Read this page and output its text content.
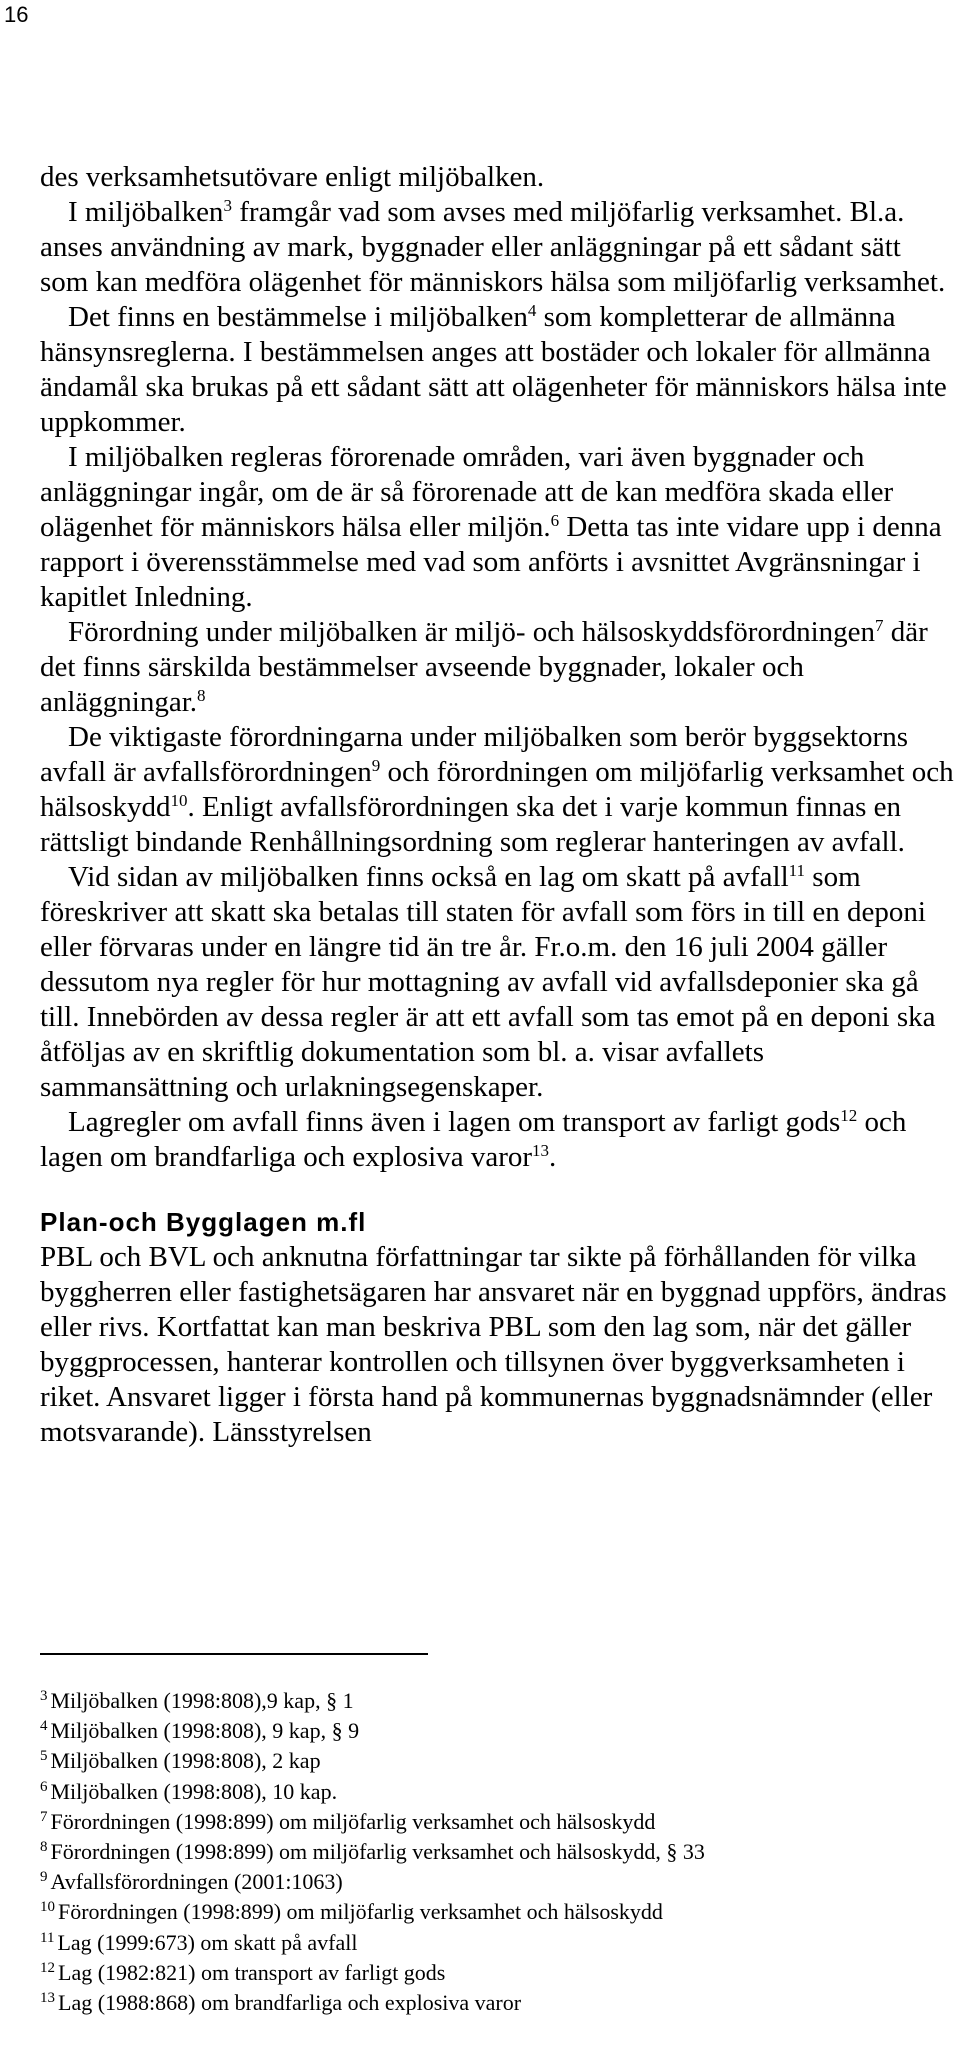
16

des verksamhetsutövare enligt miljöbalken.

I miljöbalken$^3$ framgår vad som avses med miljöfarlig verksamhet. Bl.a. anses användning av mark, byggnader eller anläggningar på ett sådant sätt som kan medföra olägenhet för människors hälsa som miljöfarlig verksamhet.

Det finns en bestämmelse i miljöbalken$^4$ som kompletterar de allmänna hänsynsreglerna. I bestämmelsen anges att bostäder och lokaler för allmänna ändamål ska brukas på ett sådant sätt att olägenheter för människors hälsa inte uppkommer.

I miljöbalken regleras förorenade områden, vari även byggnader och anläggningar ingår, om de är så förorenade att de kan medföra skada eller olägenhet för människors hälsa eller miljön.$^6$ Detta tas inte vidare upp i denna rapport i överensstämmelse med vad som anförts i avsnittet Avgränsningar i kapitlet Inledning.

Förordning under miljöbalken är miljö- och hälsoskyddsförordningen$^7$ där det finns särskilda bestämmelser avseende byggnader, lokaler och anläggningar.$^8$

De viktigaste förordningarna under miljöbalken som berör byggsektorns avfall är avfallsförordningen$^9$ och förordningen om miljöfarlig verksamhet och hälsoskydd$^{10}$. Enligt avfallsförordningen ska det i varje kommun finnas en rättsligt bindande Renhållningsordning som reglerar hanteringen av avfall.

Vid sidan av miljöbalken finns också en lag om skatt på avfall$^{11}$ som föreskriver att skatt ska betalas till staten för avfall som förs in till en deponi eller förvaras under en längre tid än tre år. Fr.o.m. den 16 juli 2004 gäller dessutom nya regler för hur mottagning av avfall vid avfallsdeponier ska gå till. Innebörden av dessa regler är att ett avfall som tas emot på en deponi ska åtföljas av en skriftlig dokumentation som bl. a. visar avfallets sammansättning och urlakningsegenskaper.

Lagregler om avfall finns även i lagen om transport av farligt gods$^{12}$ och lagen om brandfarliga och explosiva varor$^{13}$.

Plan-och Bygglagen m.fl

PBL och BVL och anknutna författningar tar sikte på förhållanden för vilka byggherren eller fastighetsägaren har ansvaret när en byggnad uppförs, ändras eller rivs. Kortfattat kan man beskriva PBL som den lag som, när det gäller byggprocessen, hanterar kontrollen och tillsynen över byggverksamheten i riket. Ansvaret ligger i första hand på kommunernas byggnadsnämnder (eller motsvarande). Länsstyrelsen

$^3$ Miljöbalken (1998:808),9 kap, § 1
$^4$ Miljöbalken (1998:808), 9 kap, § 9
$^5$ Miljöbalken (1998:808), 2 kap
$^6$ Miljöbalken (1998:808), 10 kap.
$^7$ Förordningen (1998:899) om miljöfarlig verksamhet och hälsoskydd
$^8$ Förordningen (1998:899) om miljöfarlig verksamhet och hälsoskydd, § 33
$^9$ Avfallsförordningen (2001:1063)
$^{10}$ Förordningen (1998:899) om miljöfarlig verksamhet och hälsoskydd
$^{11}$ Lag (1999:673) om skatt på avfall
$^{12}$ Lag (1982:821) om transport av farligt gods
$^{13}$ Lag (1988:868) om brandfarliga och explosiva varor
